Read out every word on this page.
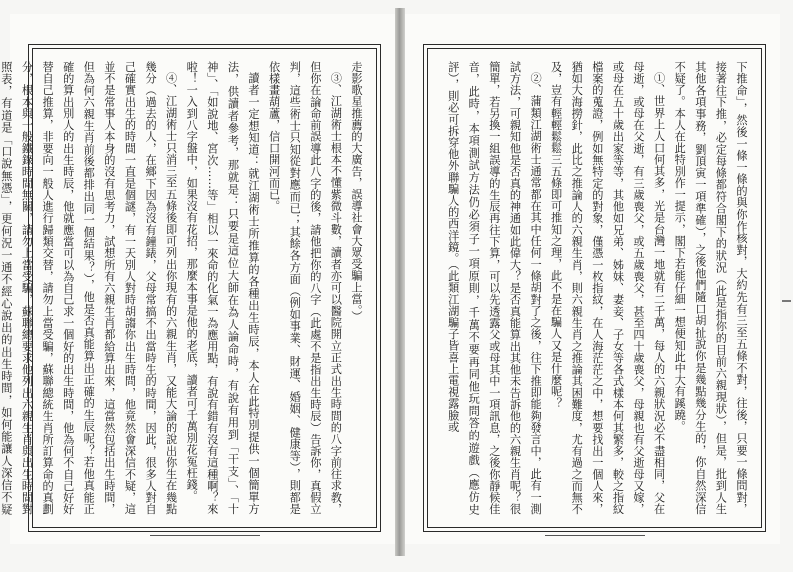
走影歌星推薦的大廣告，誤導社會大眾受騙上當。）

③、江湖術士根本不懂紫微斗數，讀者亦可以醫院開立正式出生時間的八字前往求教，但你在論命前誤導此八字的後，請他把你的八字（此處不是指出生時辰）告訴你，真假立判，這些術士只知從對應而已；其餘各方面（例如事業、財運、婚姻、健康等），則都是依樣畫葫蘆，信口開河而已。

讀者一定想知道：就江湖術士所推算的各種出生時辰，本人在此特別提供一個簡單方法，供讀者參考，那就是：只要是這位大師在為人論命時，有說有用到「干支」、「十神」、「如說地、宮次……等」相以一來命的化氣一為應用點，有說有錯有沒有這種啊？來啦！一入到八字盤中，如果沒有花招，那麼本事是他的老底，讀者可千萬別花冤枉錢。

④、江湖術士只消三至五條後即可列出你現有的六親生肖，又能大論的說出你生在幾點幾分（過去的人，在鄉下因為沒有鐘錶，父母常搞不出當時生的時間，因此，很多人對自己確實出生的時間一直是個謎，有一天別人對時胡謅你出生時問，他竟然會深信不疑，這並不是常事人本身的沒有思考力，試想所有六親生肖都給算出來，這當然包括出生時間，但為何六親生肖前後都排出同一個結果？），他是否真能算出正確的生辰呢？若他真能正確的算出別人的出生時辰，他就應當可以為自己求一個好的出生時間，他為何不自己好好替自己推算，非要向一般人進行歸類交替，請勿上當受騙，蘇聯總統生肖所訂算命的真劃分，根本與一般鐵錄時間無關，請勿上當受騙，蘇聯總要求他列出六親生肖與出生時間對照表，有道是「口說無憑」，更何況一通不經心說出的出生時間，如何能讓人深信不疑	下推命」，然後一條一條的與你作核對，大約先有三至五條不對，往後，只要一條問對，接著往下推，必定每條都符合閣下的狀況（此是指你的目前六親現狀），但是，批到人生其他各項事務，劉頂寅一項準確），之後他們隨口胡扯說你是幾點幾分生的，你自然深信不疑了。本人在此特別作一提示，閣下若能仔細一想便知此中大有蹊蹺。

①、世界上人口何其多，光是台灣一地就有二千萬，每人的六親狀況必不盡相同，父在母逝，或母在父逝，有三歲喪父，或五歲喪父，甚至四十歲喪父，母親也有父逝母又嫁，或母在五十歲出家等等，其他如兄弟、姊妹、妻妾、子女等各式樣本何其繁多，較之指紋檔案的蒐證，例如無特定的對象，僅憑一枚指紋，在人海茫茫之中，想要找出一個人來，猶如大海撈針，此比之推論人的六親生肖，則六親生肖之推論其困難度，尤有過之而無不及，豈有輕輕鬆鬆三五條即可推知之理，此不是在騙人又是什麼呢？

②、蒲類江湖術士通常都在其中任何一條胡對了之後，往下推即能夠發言中，此有一測試方法，可親知他是否真的神通如此偉大？是否真能算出其他未告訴他的六親生肖呢？很簡單，若另換一組誤導的生辰再往下算，可以先透露父或母其中一項訊息，之後你靜候佳音，此時，本項測試方法仍必須子一項原則，千萬不要再同他玩問答的遊戲（應仿史評），則必可拆穿他外聯騙人的西洋鏡。（此類江湖騙子皆喜上電視露臉或
